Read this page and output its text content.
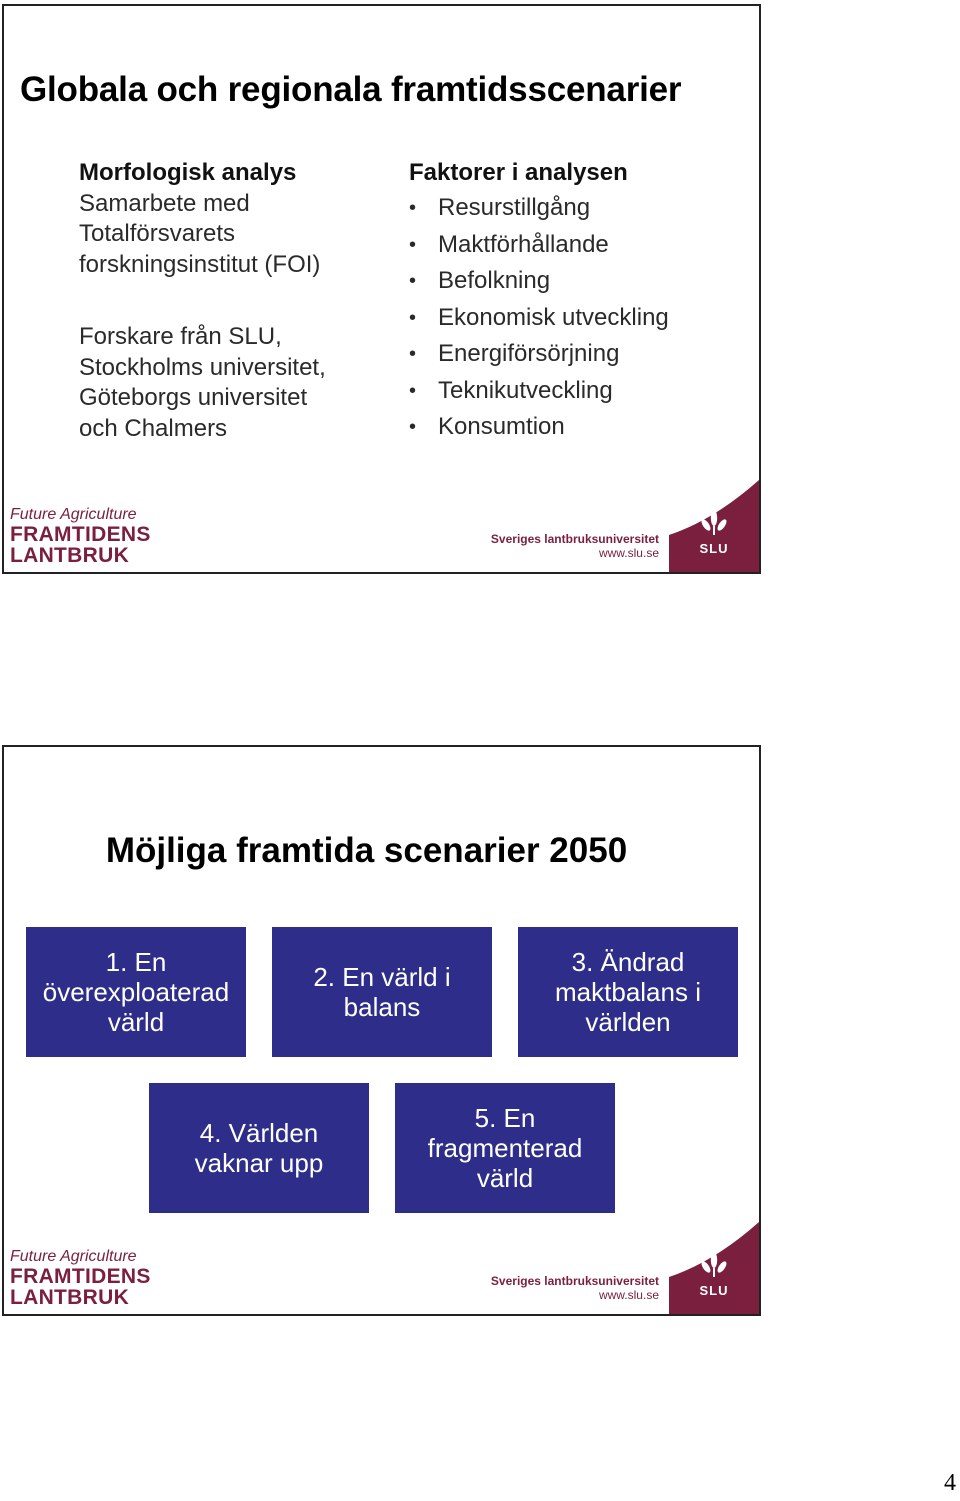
Globala och regionala framtidsscenarier
Morfologisk analys

Samarbete med
Totalförsvarets
forskningsinstitut (FOI)

Forskare från SLU,
Stockholms universitet,
Göteborgs universitet
och Chalmers

Faktorer i analysen
• Resurstillgång
• Maktförhållande
• Befolkning
• Ekonomisk utveckling
• Energiförsörjning
• Teknikutveckling
• Konsumtion
Future Agriculture
FRAMTIDENS
LANTBRUK
Sveriges lantbruksuniversitet
www.slu.se	SLU
Möjliga framtida scenarier 2050
1. En
överexploaterad
värld
2. En värld i
balans
3. Ändrad
maktbalans i
världen
4. Världen
vaknar upp
5. En
fragmenterad
värld
Future Agriculture
FRAMTIDENS
LANTBRUK
Sveriges lantbruksuniversitet
www.slu.se	SLU
4
